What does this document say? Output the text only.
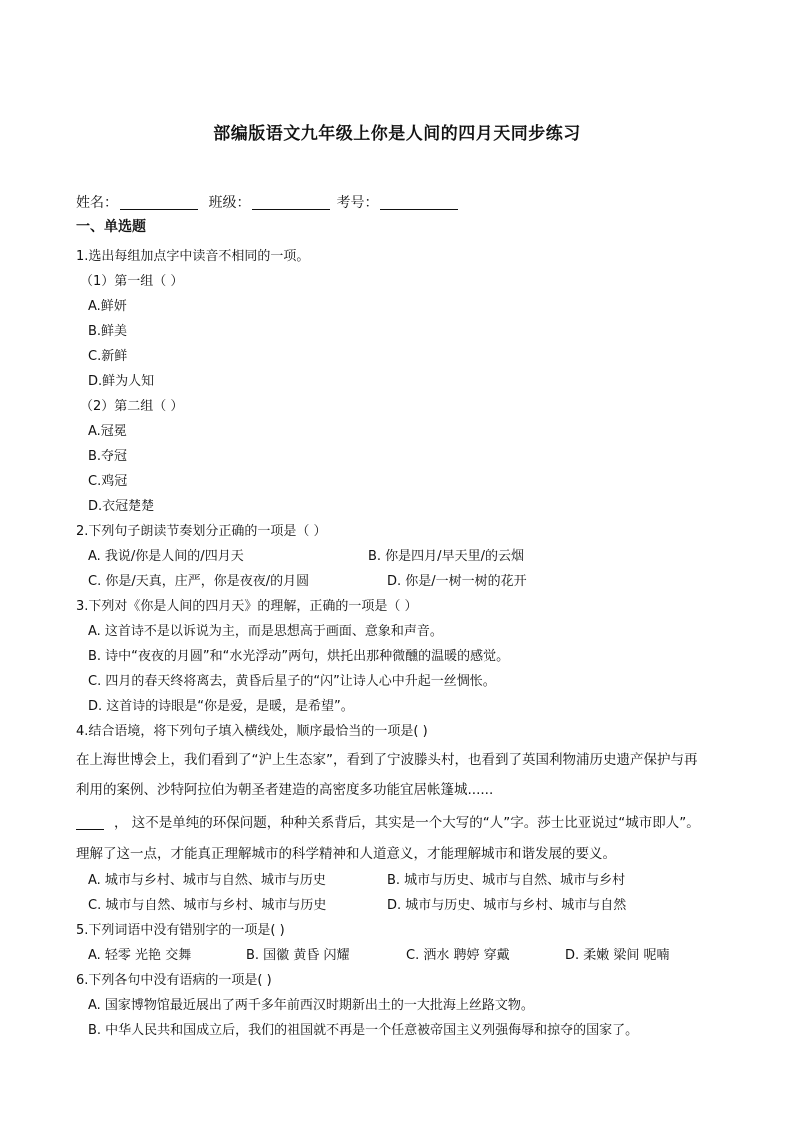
部编版语文九年级上你是人间的四月天同步练习
姓名：	班级：	考号：
一、单选题
1.选出每组加点字中读音不相同的一项。
（1）第一组（ ）
A.鲜妍
B.鲜美
C.新鲜
D.鲜为人知
（2）第二组（ ）
A.冠冕
B.夺冠
C.鸡冠
D.衣冠楚楚
2.下列句子朗读节奏划分正确的一项是（ ）
A. 我说/你是人间的/四月天	B. 你是四月/早天里/的云烟
C. 你是/天真，庄严，你是夜夜/的月圆	D. 你是/一树一树的花开
3.下列对《你是人间的四月天》的理解，正确的一项是（ ）
A. 这首诗不是以诉说为主，而是思想高于画面、意象和声音。
B. 诗中“夜夜的月圆”和“水光浮动”两句，烘托出那种微醺的温暖的感觉。
C. 四月的春天终将离去，黄昏后星子的“闪”让诗人心中升起一丝惆怅。
D. 这首诗的诗眼是“你是爱，是暖，是希望”。
4.结合语境，将下列句子填入横线处，顺序最恰当的一项是( )
在上海世博会上，我们看到了“沪上生态家”，看到了宁波滕头村，也看到了英国利物浦历史遗产保护与再
利用的案例、沙特阿拉伯为朝圣者建造的高密度多功能宜居帐篷城......
， 这不是单纯的环保问题，种种关系背后，其实是一个大写的“人”字。莎士比亚说过“城市即人”。
理解了这一点，才能真正理解城市的科学精神和人道意义，才能理解城市和谐发展的要义。
A. 城市与乡村、城市与自然、城市与历史	B. 城市与历史、城市与自然、城市与乡村
C. 城市与自然、城市与乡村、城市与历史	D. 城市与历史、城市与乡村、城市与自然
5.下列词语中没有错别字的一项是( )
A. 轻零 光艳 交舞	B. 国徽 黄昏 闪耀	C. 洒水 聘婷 穿戴	D. 柔嫩 梁间 呢喃
6.下列各句中没有语病的一项是( )
A. 国家博物馆最近展出了两千多年前西汉时期新出土的一大批海上丝路文物。
B. 中华人民共和国成立后，我们的祖国就不再是一个任意被帝国主义列强侮辱和掠夺的国家了。
